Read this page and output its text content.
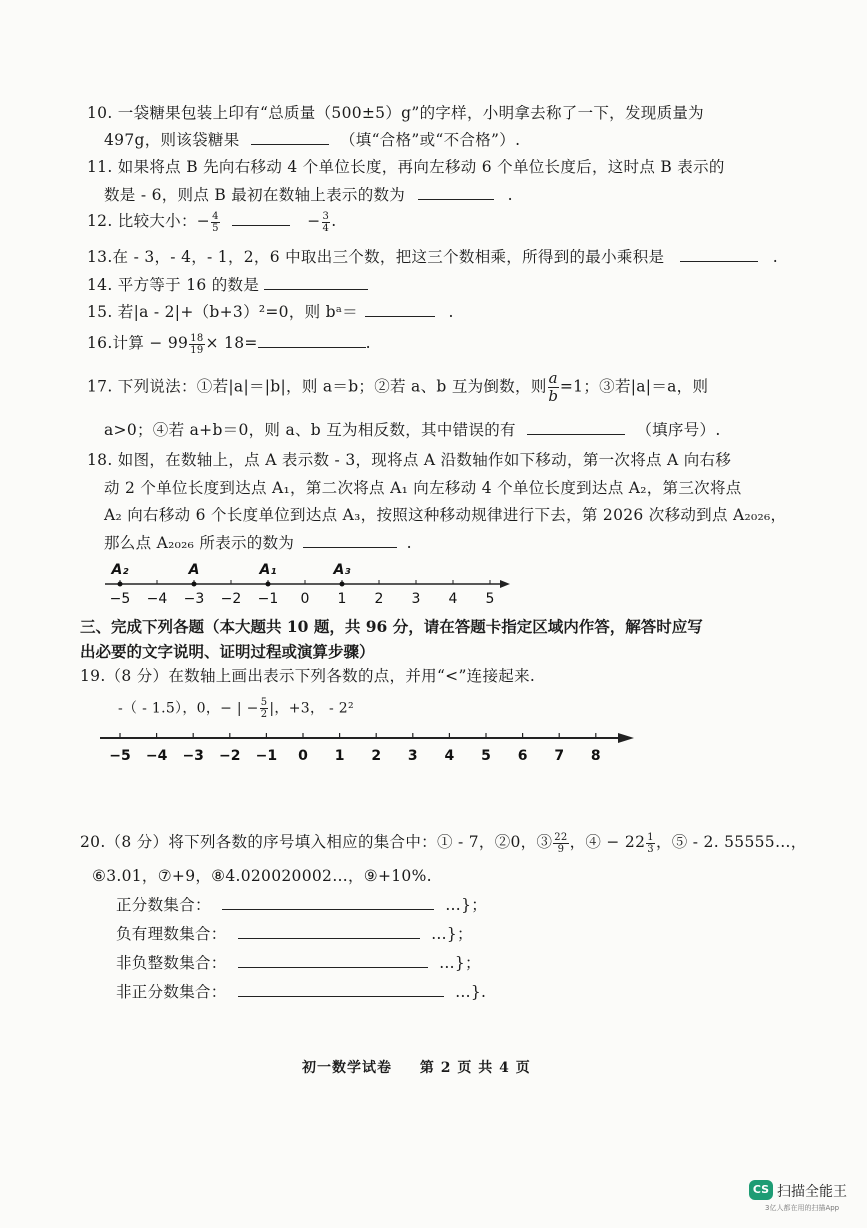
10. 一袋糖果包装上印有“总质量（500±5）g”的字样，小明拿去称了一下，发现质量为
497g，则该袋糖果	（填“合格”或“不合格”）.
11. 如果将点 B 先向右移动 4 个单位长度，再向左移动 6 个单位长度后，这时点 B 表示的
数是 - 6，则点 B 最初在数轴上表示的数为	.
12. 比较大小：− $\frac{4}{5}$	− $\frac{3}{4}$ .
13.在 - 3，- 4，- 1，2，6 中取出三个数，把这三个数相乘，所得到的最小乘积是	.
14. 平方等于 16 的数是
15. 若|a - 2|+（b+3）²=0，则 bᵃ＝	.
16.计算 − $99 \frac{18}{19} \times 18=$	.
17. 下列说法：①若|a|＝|b|，则 a＝b；②若 a、b 互为倒数，则 $\frac{a}{b} =1$；③若|a|＝a，则
a>0；④若 a+b＝0，则 a、b 互为相反数，其中错误的有	（填序号）.
18. 如图，在数轴上，点 A 表示数 - 3，现将点 A 沿数轴作如下移动，第一次将点 A 向右移
动 2 个单位长度到达点 A₁，第二次将点 A₁ 向左移动 4 个单位长度到达点 A₂，第三次将点
A₂ 向右移动 6 个长度单位到达点 A₃，按照这种移动规律进行下去，第 2026 次移动到点 A₂₀₂₆，
那么点 A₂₀₂₆ 所表示的数为	.
−5 −4 −3 −2 −1 0 1 2 3 4 5
A₂	A	A₁	A₃
三、完成下列各题（本大题共 10 题，共 96 分，请在答题卡指定区域内作答，解答时应写
出必要的文字说明、证明过程或演算步骤）
19.（8 分）在数轴上画出表示下列各数的点，并用“<”连接起来.
-（ - 1.5），0，− | − $\frac{5}{2}$ |，+3， - 2²
−5 −4 −3 −2 −1 0 1 2 3 4 5 6 7 8
20.（8 分）将下列各数的序号填入相应的集合中：① - 7，②0，③ $\frac{22}{9}$ ，④ − $22 \frac{1}{3}$ ，⑤ - 2. 55555…，
⑥3.01，⑦+9，⑧4.020020002…，⑨+10%.
正分数集合：	…}；
负有理数集合：	…}；
非负整数集合：	…}；
非正分数集合：	…}.
初一数学试卷 第 2 页 共 4 页
CS 扫描全能王
3亿人都在用的扫描App
